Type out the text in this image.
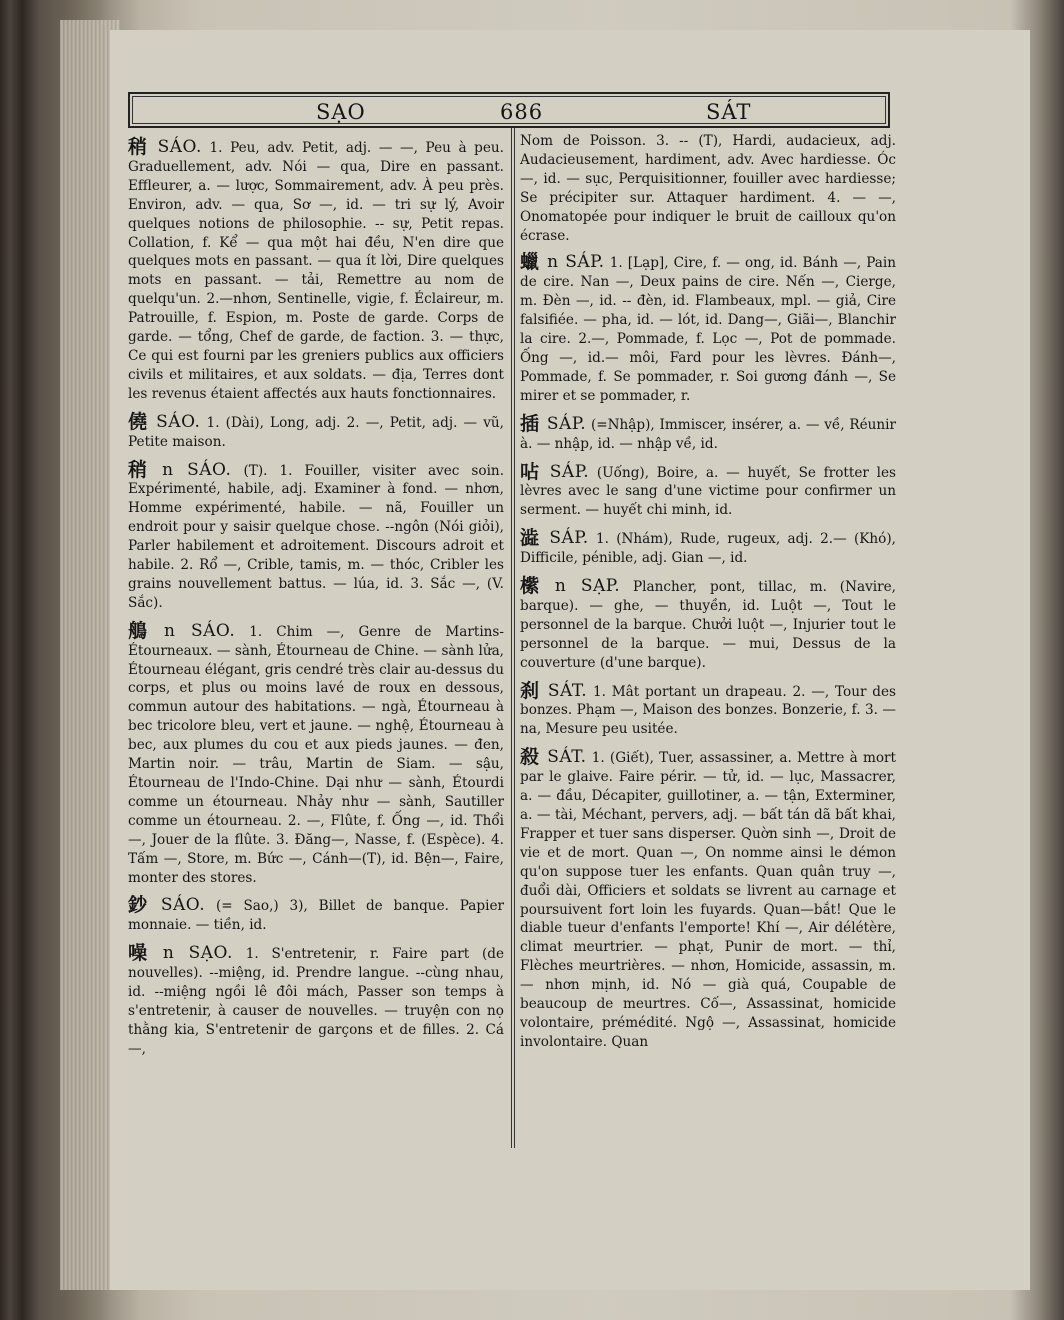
SẠO	686	SÁT

稍 SÁO. 1. Peu, adv. Petit, adj. — —, Peu à peu. Graduellement, adv. Nói — qua, Dire en passant. Effleurer, a. — lược, Sommairement, adv. À peu près. Environ, adv. — qua, Sơ —, id. — tri sự lý, Avoir quelques notions de philosophie. -- sự, Petit repas. Collation, f. Kể — qua một hai đều, N'en dire que quelques mots en passant. — qua ít lời, Dire quelques mots en passant. — tải, Remettre au nom de quelqu'un. 2.—nhơn, Sentinelle, vigie, f. Éclaireur, m. Patrouille, f. Espion, m. Poste de garde. Corps de garde. — tổng, Chef de garde, de faction. 3. — thực, Ce qui est fourni par les greniers publics aux officiers civils et militaires, et aux soldats. — địa, Terres dont les revenus étaient affectés aux hauts fonctionnaires.

僥 SÁO. 1. (Dài), Long, adj. 2. —, Petit, adj. — vũ, Petite maison.

稍 n SÁO. (T). 1. Fouiller, visiter avec soin. Expérimenté, habile, adj. Examiner à fond. — nhơn, Homme expérimenté, habile. — nã, Fouiller un endroit pour y saisir quelque chose. --ngôn (Nói giỏi), Parler habilement et adroitement. Discours adroit et habile. 2. Rổ —, Crible, tamis, m. — thóc, Cribler les grains nouvellement battus. — lúa, id. 3. Sắc —, (V. Sắc).

鵃 n SÁO. 1. Chim —, Genre de Martins-Étourneaux. — sành, Étourneau de Chine. — sành lửa, Étourneau élégant, gris cendré très clair au-dessus du corps, et plus ou moins lavé de roux en dessous, commun autour des habitations. — ngà, Étourneau à bec tricolore bleu, vert et jaune. — nghệ, Étourneau à bec, aux plumes du cou et aux pieds jaunes. — đen, Martin noir. — trâu, Martin de Siam. — sậu, Étourneau de l'Indo-Chine. Dại như — sành, Étourdi comme un étourneau. Nhảy như — sành, Sautiller comme un étourneau. 2. —, Flûte, f. Ống —, id. Thổi —, Jouer de la flûte. 3. Đăng—, Nasse, f. (Espèce). 4. Tấm —, Store, m. Bức —, Cánh—(T), id. Bện—, Faire, monter des stores.

鈔 SÁO. (= Sao,) 3), Billet de banque. Papier monnaie. — tiền, id.

噪 n SẠO. 1. S'entretenir, r. Faire part (de nouvelles). --miệng, id. Prendre langue. --cùng nhau, id. --miệng ngồi lê đôi mách, Passer son temps à s'entretenir, à causer de nouvelles. — truyện con nọ thằng kia, S'entretenir de garçons et de filles. 2. Cá —,

Nom de Poisson. 3. -- (T), Hardi, audacieux, adj. Audacieusement, hardiment, adv. Avec hardiesse. Óc —, id. — sục, Perquisitionner, fouiller avec hardiesse; Se précipiter sur. Attaquer hardiment. 4. — —, Onomatopée pour indiquer le bruit de cailloux qu'on écrase.

蠟 n SÁP. 1. [Lạp], Cire, f. — ong, id. Bánh —, Pain de cire. Nan —, Deux pains de cire. Nến —, Cierge, m. Đèn —, id. -- đèn, id. Flambeaux, mpl. — giả, Cire falsifiée. — pha, id. — lót, id. Dang—, Giãi—, Blanchir la cire. 2.—, Pommade, f. Lọc —, Pot de pommade. Ống —, id.— môi, Fard pour les lèvres. Đánh—, Pommade, f. Se pommader, r. Soi gương đánh —, Se mirer et se pommader, r.

插 SÁP. (=Nhập), Immiscer, insérer, a. — về, Réunir à. — nhập, id. — nhập về, id.

呫 SÁP. (Uống), Boire, a. — huyết, Se frotter les lèvres avec le sang d'une victime pour confirmer un serment. — huyết chi minh, id.

澁 SÁP. 1. (Nhám), Rude, rugeux, adj. 2.— (Khó), Difficile, pénible, adj. Gian —, id.

橴 n SẠP. Plancher, pont, tillac, m. (Navire, barque). — ghe, — thuyền, id. Luột —, Tout le personnel de la barque. Chưởi luột —, Injurier tout le personnel de la barque. — mui, Dessus de la couverture (d'une barque).

刹 SÁT. 1. Mât portant un drapeau. 2. —, Tour des bonzes. Phạm —, Maison des bonzes. Bonzerie, f. 3. —na, Mesure peu usitée.

殺 SÁT. 1. (Giết), Tuer, assassiner, a. Mettre à mort par le glaive. Faire périr. — tử, id. — lục, Massacrer, a. — đầu, Décapiter, guillotiner, a. — tận, Exterminer, a. — tài, Méchant, pervers, adj. — bất tán dã bất khai, Frapper et tuer sans disperser. Quờn sinh —, Droit de vie et de mort. Quan —, On nomme ainsi le démon qu'on suppose tuer les enfants. Quan quân truy —, đuổi dài, Officiers et soldats se livrent au carnage et poursuivent fort loin les fuyards. Quan—bắt! Que le diable tueur d'enfants l'emporte! Khí —, Air délétère, climat meurtrier. — phạt, Punir de mort. — thỉ, Flèches meurtrières. — nhơn, Homicide, assassin, m. — nhơn mịnh, id. Nó — già quá, Coupable de beaucoup de meurtres. Cố—, Assassinat, homicide volontaire, prémédité. Ngộ —, Assassinat, homicide involontaire. Quan
